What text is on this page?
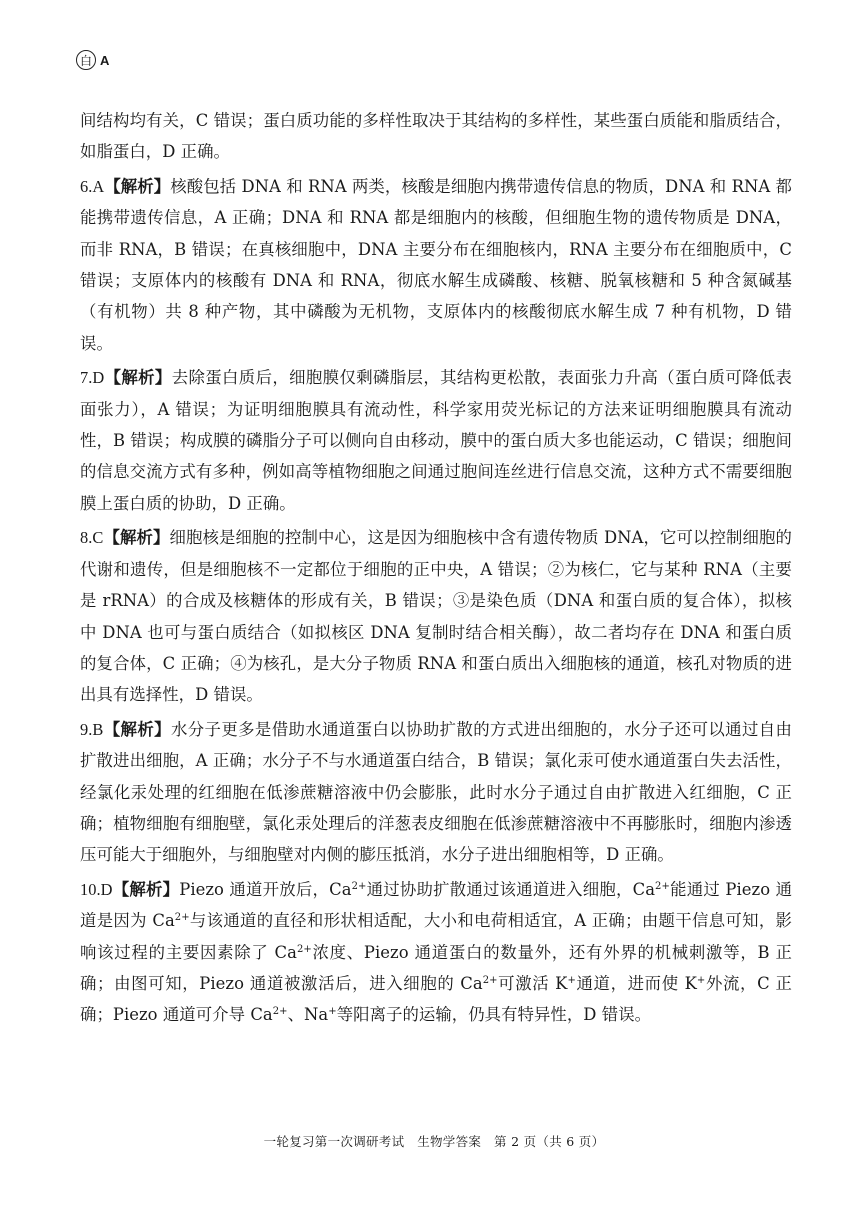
白 A

间结构均有关，C 错误；蛋白质功能的多样性取决于其结构的多样性，某些蛋白质能和脂质结合，如脂蛋白，D 正确。

6.A【解析】核酸包括 DNA 和 RNA 两类，核酸是细胞内携带遗传信息的物质，DNA 和 RNA 都能携带遗传信息，A 正确；DNA 和 RNA 都是细胞内的核酸，但细胞生物的遗传物质是 DNA，而非 RNA，B 错误；在真核细胞中，DNA 主要分布在细胞核内，RNA 主要分布在细胞质中，C 错误；支原体内的核酸有 DNA 和 RNA，彻底水解生成磷酸、核糖、脱氧核糖和 5 种含氮碱基（有机物）共 8 种产物，其中磷酸为无机物，支原体内的核酸彻底水解生成 7 种有机物，D 错误。

7.D【解析】去除蛋白质后，细胞膜仅剩磷脂层，其结构更松散，表面张力升高（蛋白质可降低表面张力），A 错误；为证明细胞膜具有流动性，科学家用荧光标记的方法来证明细胞膜具有流动性，B 错误；构成膜的磷脂分子可以侧向自由移动，膜中的蛋白质大多也能运动，C 错误；细胞间的信息交流方式有多种，例如高等植物细胞之间通过胞间连丝进行信息交流，这种方式不需要细胞膜上蛋白质的协助，D 正确。

8.C【解析】细胞核是细胞的控制中心，这是因为细胞核中含有遗传物质 DNA，它可以控制细胞的代谢和遗传，但是细胞核不一定都位于细胞的正中央，A 错误；②为核仁，它与某种 RNA（主要是 rRNA）的合成及核糖体的形成有关，B 错误；③是染色质（DNA 和蛋白质的复合体），拟核中 DNA 也可与蛋白质结合（如拟核区 DNA 复制时结合相关酶），故二者均存在 DNA 和蛋白质的复合体，C 正确；④为核孔，是大分子物质 RNA 和蛋白质出入细胞核的通道，核孔对物质的进出具有选择性，D 错误。

9.B【解析】水分子更多是借助水通道蛋白以协助扩散的方式进出细胞的，水分子还可以通过自由扩散进出细胞，A 正确；水分子不与水通道蛋白结合，B 错误；氯化汞可使水通道蛋白失去活性，经氯化汞处理的红细胞在低渗蔗糖溶液中仍会膨胀，此时水分子通过自由扩散进入红细胞，C 正确；植物细胞有细胞壁，氯化汞处理后的洋葱表皮细胞在低渗蔗糖溶液中不再膨胀时，细胞内渗透压可能大于细胞外，与细胞壁对内侧的膨压抵消，水分子进出细胞相等，D 正确。

10.D【解析】Piezo 通道开放后，$Ca^{2+}$通过协助扩散通过该通道进入细胞，$Ca^{2+}$能通过 Piezo 通道是因为 $Ca^{2+}$与该通道的直径和形状相适配，大小和电荷相适宜，A 正确；由题干信息可知，影响该过程的主要因素除了 $Ca^{2+}$浓度、Piezo 通道蛋白的数量外，还有外界的机械刺激等，B 正确；由图可知，Piezo 通道被激活后，进入细胞的 $Ca^{2+}$可激活 K+通道，进而使 K+外流，C 正确；Piezo 通道可介导 $Ca^{2+}$、Na+等阳离子的运输，仍具有特异性，D 错误。

一轮复习第一次调研考试　生物学答案　第 2 页（共 6 页）
